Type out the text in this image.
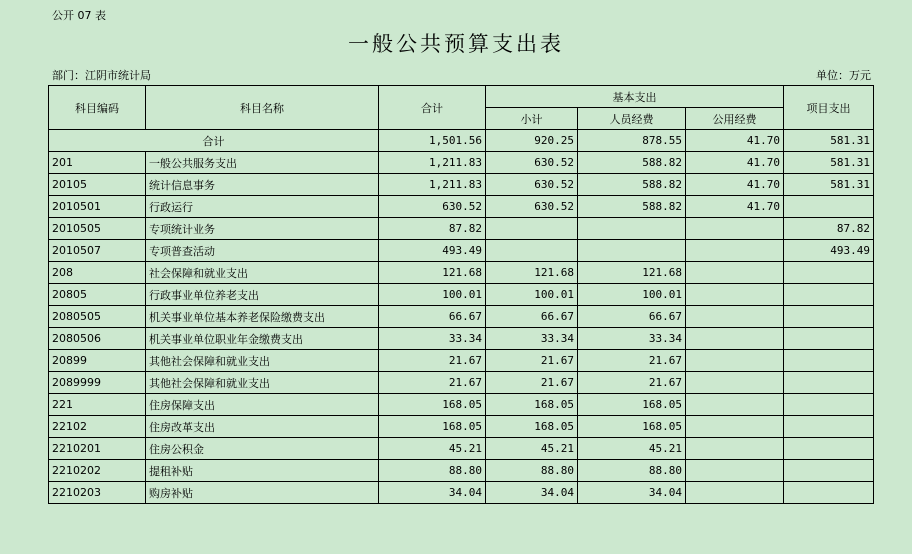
公开 07 表
一般公共预算支出表
部门：江阴市统计局	单位：万元
科目编码	科目名称	合计	基本支出			项目支出
			小计	人员经费	公用经费	
合计		1,501.56	920.25	878.55	41.70	581.31
201	一般公共服务支出	1,211.83	630.52	588.82	41.70	581.31
20105	统计信息事务	1,211.83	630.52	588.82	41.70	581.31
2010501	行政运行	630.52	630.52	588.82	41.70	
2010505	专项统计业务	87.82				87.82
2010507	专项普查活动	493.49				493.49
208	社会保障和就业支出	121.68	121.68	121.68		
20805	行政事业单位养老支出	100.01	100.01	100.01		
2080505	机关事业单位基本养老保险缴费支出	66.67	66.67	66.67		
2080506	机关事业单位职业年金缴费支出	33.34	33.34	33.34		
20899	其他社会保障和就业支出	21.67	21.67	21.67		
2089999	其他社会保障和就业支出	21.67	21.67	21.67		
221	住房保障支出	168.05	168.05	168.05		
22102	住房改革支出	168.05	168.05	168.05		
2210201	住房公积金	45.21	45.21	45.21		
2210202	提租补贴	88.80	88.80	88.80		
2210203	购房补贴	34.04	34.04	34.04		
